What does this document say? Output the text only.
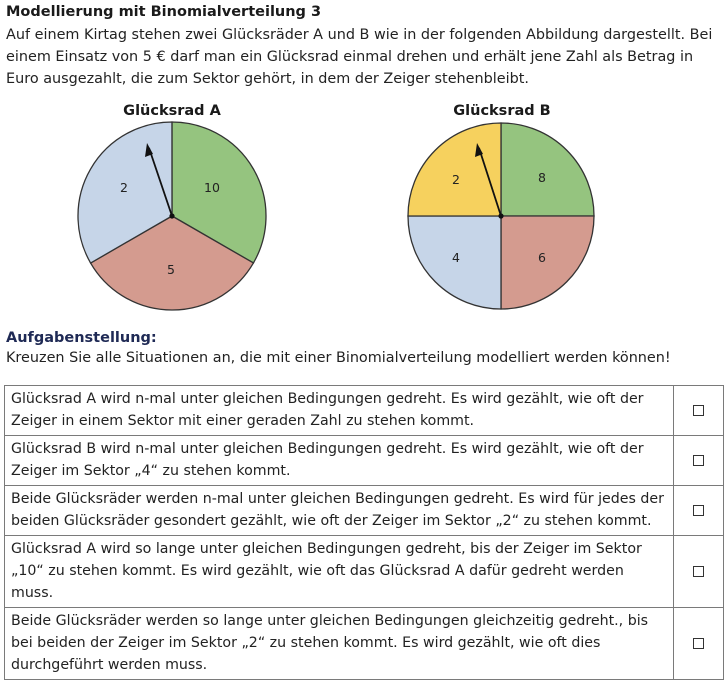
Modellierung mit Binomialverteilung 3
Auf einem Kirtag stehen zwei Glücksräder A und B wie in der folgenden Abbildung dargestellt. Bei einem Einsatz von 5 € darf man ein Glücksrad einmal drehen und erhält jene Zahl als Betrag in Euro ausgezahlt, die zum Sektor gehört, in dem der Zeiger stehenbleibt.
Glücksrad A	Glücksrad B
10
5
2
8
6
4
2
Aufgabenstellung:
Kreuzen Sie alle Situationen an, die mit einer Binomialverteilung modelliert werden können!
Glücksrad A wird n-mal unter gleichen Bedingungen gedreht. Es wird gezählt, wie oft der Zeiger in einem Sektor mit einer geraden Zahl zu stehen kommt.	
Glücksrad B wird n-mal unter gleichen Bedingungen gedreht. Es wird gezählt, wie oft der Zeiger im Sektor „4“ zu stehen kommt.	
Beide Glücksräder werden n-mal unter gleichen Bedingungen gedreht. Es wird für jedes der beiden Glücksräder gesondert gezählt, wie oft der Zeiger im Sektor „2“ zu stehen kommt.	
Glücksrad A wird so lange unter gleichen Bedingungen gedreht, bis der Zeiger im Sektor „10“ zu stehen kommt. Es wird gezählt, wie oft das Glücksrad A dafür gedreht werden muss.	
Beide Glücksräder werden so lange unter gleichen Bedingungen gleichzeitig gedreht., bis bei beiden der Zeiger im Sektor „2“ zu stehen kommt. Es wird gezählt, wie oft dies durchgeführt werden muss.	
